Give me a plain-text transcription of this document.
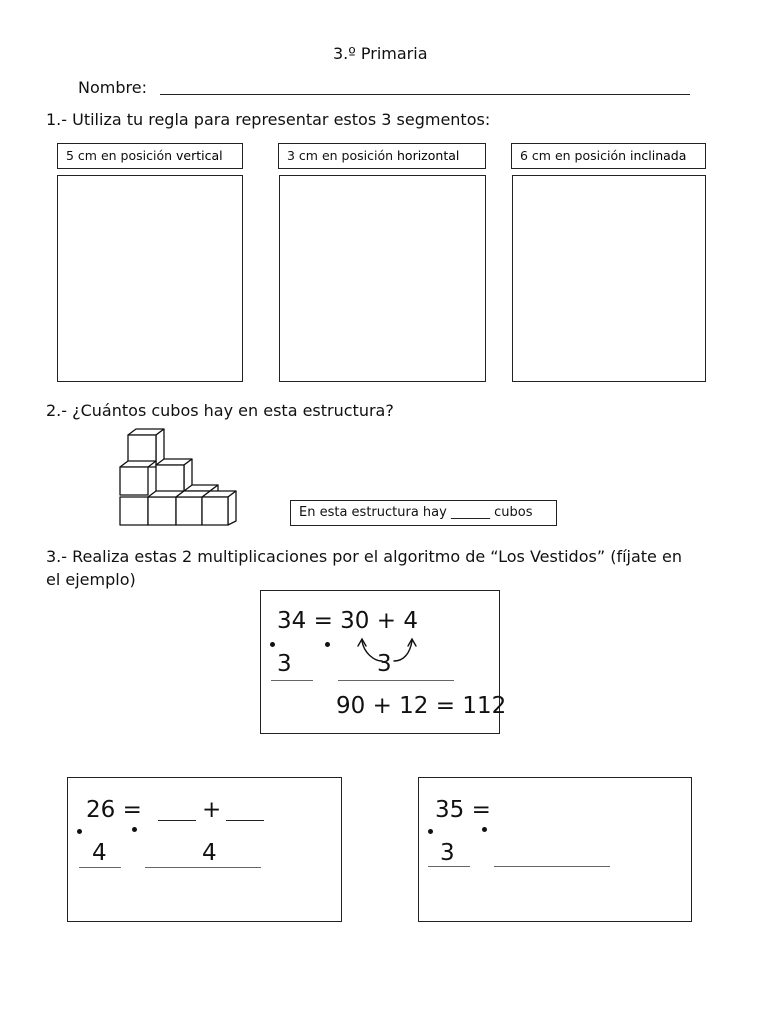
3.º Primaria
Nombre:
1.- Utiliza tu regla para representar estos 3 segmentos:
5 cm en posición vertical	3 cm en posición horizontal	6 cm en posición inclinada
2.- ¿Cuántos cubos hay en esta estructura?
En esta estructura hay ______ cubos
3.- Realiza estas 2 multiplicaciones por el algoritmo de “Los Vestidos” (fíjate en
el ejemplo)
34 = 30 + 4
3	3
90 + 12 = 112
26 =	+
4	4
35 =
3
